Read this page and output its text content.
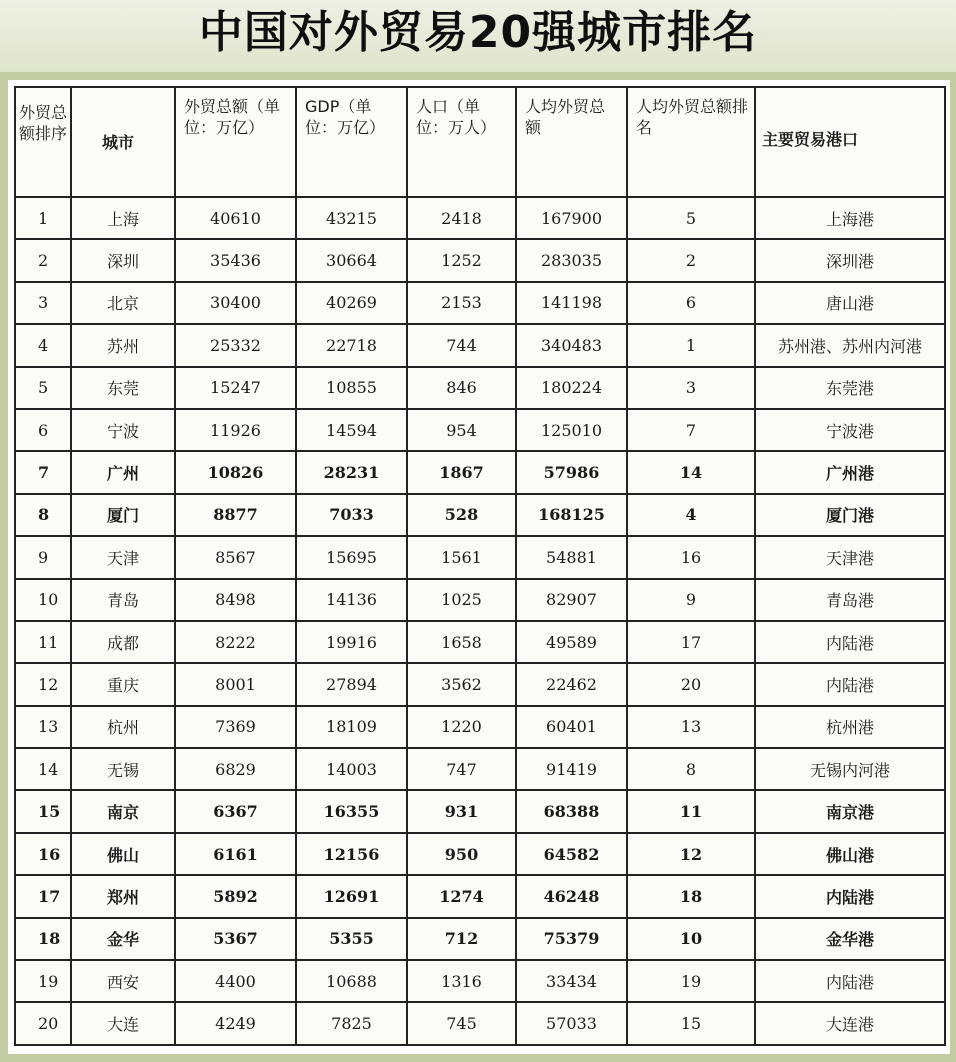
中国对外贸易20强城市排名
外贸总额排序	城市	外贸总额（单位：万亿）	GDP（单位：万亿）	人口（单位：万人）	人均外贸总额	人均外贸总额排名	主要贸易港口
1	上海	40610	43215	2418	167900	5	上海港
2	深圳	35436	30664	1252	283035	2	深圳港
3	北京	30400	40269	2153	141198	6	唐山港
4	苏州	25332	22718	744	340483	1	苏州港、苏州内河港
5	东莞	15247	10855	846	180224	3	东莞港
6	宁波	11926	14594	954	125010	7	宁波港
7	广州	10826	28231	1867	57986	14	广州港
8	厦门	8877	7033	528	168125	4	厦门港
9	天津	8567	15695	1561	54881	16	天津港
10	青岛	8498	14136	1025	82907	9	青岛港
11	成都	8222	19916	1658	49589	17	内陆港
12	重庆	8001	27894	3562	22462	20	内陆港
13	杭州	7369	18109	1220	60401	13	杭州港
14	无锡	6829	14003	747	91419	8	无锡内河港
15	南京	6367	16355	931	68388	11	南京港
16	佛山	6161	12156	950	64582	12	佛山港
17	郑州	5892	12691	1274	46248	18	内陆港
18	金华	5367	5355	712	75379	10	金华港
19	西安	4400	10688	1316	33434	19	内陆港
20	大连	4249	7825	745	57033	15	大连港
